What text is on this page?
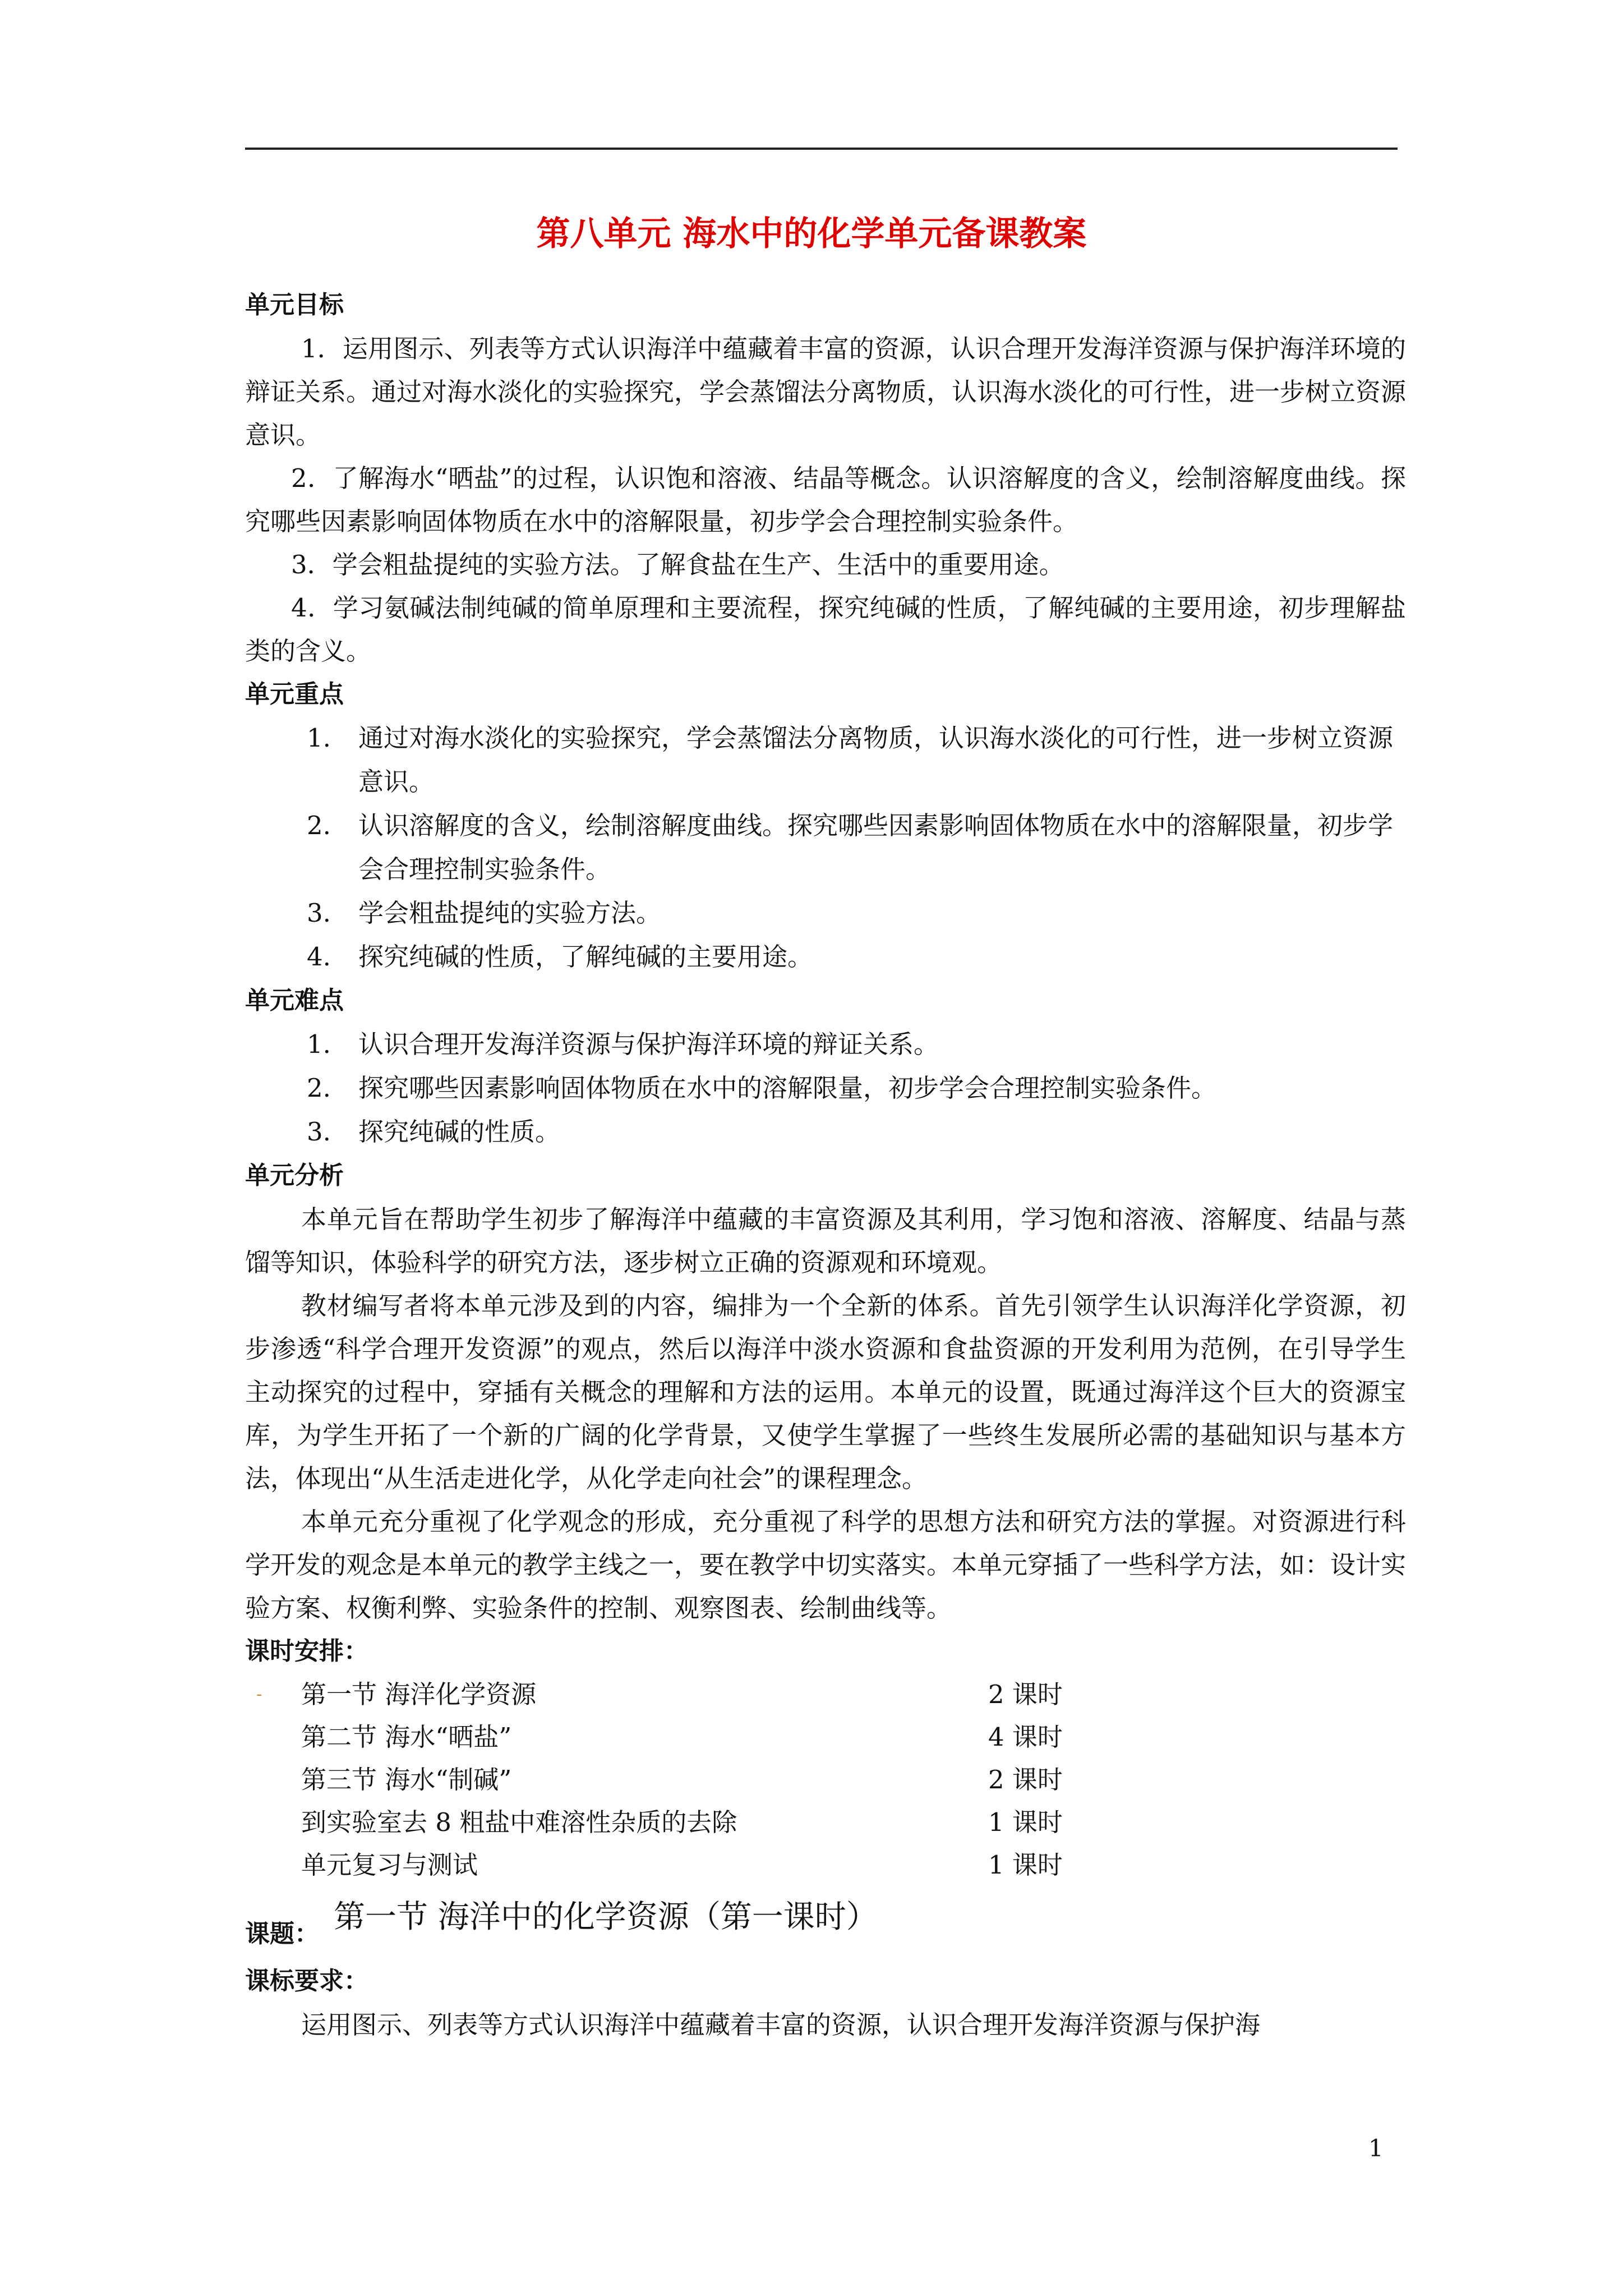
第八单元 海水中的化学单元备课教案
单元目标
1．运用图示、列表等方式认识海洋中蕴藏着丰富的资源，认识合理开发海洋资源与保护海洋环境的辩证关系。通过对海水淡化的实验探究，学会蒸馏法分离物质，认识海水淡化的可行性，进一步树立资源意识。
2．了解海水“晒盐”的过程，认识饱和溶液、结晶等概念。认识溶解度的含义，绘制溶解度曲线。探究哪些因素影响固体物质在水中的溶解限量，初步学会合理控制实验条件。
3．学会粗盐提纯的实验方法。了解食盐在生产、生活中的重要用途。
4．学习氨碱法制纯碱的简单原理和主要流程，探究纯碱的性质，了解纯碱的主要用途，初步理解盐类的含义。
单元重点
1. 通过对海水淡化的实验探究，学会蒸馏法分离物质，认识海水淡化的可行性，进一步树立资源意识。
2. 认识溶解度的含义，绘制溶解度曲线。探究哪些因素影响固体物质在水中的溶解限量，初步学会合理控制实验条件。
3. 学会粗盐提纯的实验方法。
4. 探究纯碱的性质，了解纯碱的主要用途。
单元难点
1. 认识合理开发海洋资源与保护海洋环境的辩证关系。
2. 探究哪些因素影响固体物质在水中的溶解限量，初步学会合理控制实验条件。
3. 探究纯碱的性质。
单元分析
本单元旨在帮助学生初步了解海洋中蕴藏的丰富资源及其利用，学习饱和溶液、溶解度、结晶与蒸馏等知识，体验科学的研究方法，逐步树立正确的资源观和环境观。
教材编写者将本单元涉及到的内容，编排为一个全新的体系。首先引领学生认识海洋化学资源，初步渗透“科学合理开发资源”的观点，然后以海洋中淡水资源和食盐资源的开发利用为范例，在引导学生主动探究的过程中，穿插有关概念的理解和方法的运用。本单元的设置，既通过海洋这个巨大的资源宝库，为学生开拓了一个新的广阔的化学背景，又使学生掌握了一些终生发展所必需的基础知识与基本方法，体现出“从生活走进化学，从化学走向社会”的课程理念。
本单元充分重视了化学观念的形成，充分重视了科学的思想方法和研究方法的掌握。对资源进行科学开发的观念是本单元的教学主线之一，要在教学中切实落实。本单元穿插了一些科学方法，如：设计实验方案、权衡利弊、实验条件的控制、观察图表、绘制曲线等。
课时安排：
- 第一节 海洋化学资源	2 课时
第二节 海水“晒盐”	4 课时
第三节 海水“制碱”	2 课时
到实验室去 8 粗盐中难溶性杂质的去除	1 课时
单元复习与测试	1 课时
课题： 第一节 海洋中的化学资源（第一课时）
课标要求：
运用图示、列表等方式认识海洋中蕴藏着丰富的资源，认识合理开发海洋资源与保护海
1
